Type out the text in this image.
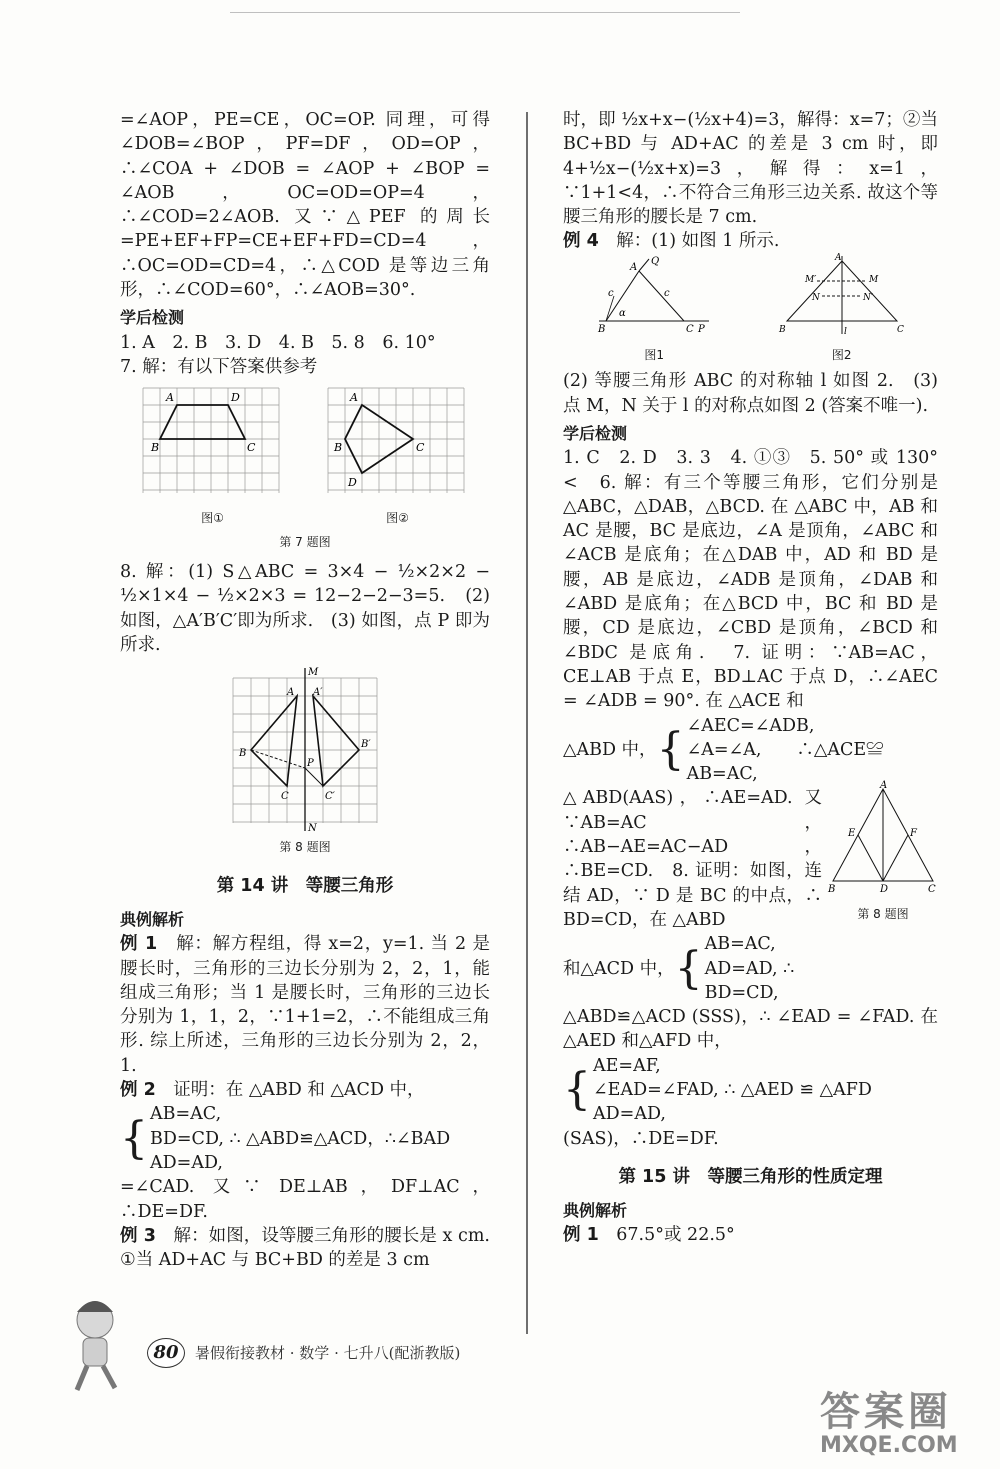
=∠AOP，PE=CE，OC=OP. 同理，可得∠DOB=∠BOP，PF=DF，OD=OP，∴∠COA + ∠DOB = ∠AOP + ∠BOP = ∠AOB，OC=OD=OP=4，∴∠COD=2∠AOB. 又∵△PEF 的周长=PE+EF+FP=CE+EF+FD=CD=4，∴OC=OD=CD=4，∴△COD 是等边三角形，∴∠COD=60°，∴∠AOB=30°.

学后检测

1. A　2. B　3. D　4. B　5. 8　6. 10°

7. 解：有以下答案供参考

A	D
B	C
图①
A
C
B
D
图②
第 7 题图

8. 解：(1) S△ABC = 3×4 − ½×2×2 − ½×1×4 − ½×2×3 = 12−2−2−3=5.　(2) 如图，△A′B′C′即为所求.　(3) 如图，点 P 即为所求.

M
A A′
B
B′
C	C′
P
N
第 8 题图
第 14 讲　等腰三角形
典例解析

例 1　 解：解方程组，得 x=2，y=1. 当 2 是腰长时，三角形的三边长分别为 2，2，1，能组成三角形；当 1 是腰长时，三角形的三边长分别为 1，1，2，∵1+1=2，∴不能组成三角形. 综上所述，三角形的三边长分别为 2，2，1.

例 2　 证明：在 △ABD 和 △ACD 中，

{ AB=AC,
BD=CD, ∴ △ABD≌△ACD，∴∠BAD
AD=AD,

=∠CAD. 又∵ DE⊥AB，DF⊥AC，∴DE=DF.

例 3　 解：如图，设等腰三角形的腰长是 x cm. ①当 AD+AC 与 BC+BD 的差是 3 cm

时，即 ½x+x−(½x+4)=3，解得：x=7；②当 BC+BD 与 AD+AC 的差是 3 cm 时，即 4+½x−(½x+x)=3，解得：x=1，∵1+1<4，∴不符合三角形三边关系. 故这个等腰三角形的腰长是 7 cm.

例 4　 解：(1) 如图 1 所示.

B
A
Q
C P
c	c
α
图1
B
A
C
M′	M
N	N′
l
图2

(2) 等腰三角形 ABC 的对称轴 l 如图 2.　(3) 点 M，N 关于 l 的对称点如图 2 (答案不唯一).

学后检测

1. C　2. D　3. 3　4. ①③　5. 50° 或 130°　<　6. 解：有三个等腰三角形，它们分别是 △ABC，△DAB，△BCD. 在 △ABC 中，AB 和 AC 是腰，BC 是底边，∠A 是顶角，∠ABC 和∠ACB 是底角；在△DAB 中，AD 和 BD 是腰，AB 是底边，∠ADB 是顶角，∠DAB 和∠ABD 是底角；在△BCD 中，BC 和 BD 是腰，CD 是底边，∠CBD 是顶角，∠BCD 和 ∠BDC 是底角.　7. 证明：∵AB=AC，CE⊥AB 于点 E，BD⊥AC 于点 D，∴∠AEC = ∠ADB = 90°. 在 △ACE 和

△ABD 中， { ∠AEC=∠ADB,
∠A=∠A,　　∴△ACE≌
AB=AC,

△ABD(AAS)，∴AE=AD. 又∵AB=AC，∴AB−AE=AC−AD，∴BE=CD.　8. 证明：如图，连结 AD，∵ D 是 BC 的中点，∴ BD=CD，在 △ABD

A
E	F
B	D	C
第 8 题图
和△ACD 中， { AB=AC,
AD=AD, ∴
BD=CD,

△ABD≌△ACD (SSS)，∴ ∠EAD = ∠FAD. 在△AED 和△AFD 中，

{ AE=AF,
∠EAD=∠FAD, ∴ △AED ≌ △AFD
AD=AD,

(SAS)，∴DE=DF.

第 15 讲　等腰三角形的性质定理
典例解析

例 1　 67.5°或 22.5°

80	暑假衔接教材 · 数学 · 七升八(配浙教版)
答案圈
MXQE.COM
